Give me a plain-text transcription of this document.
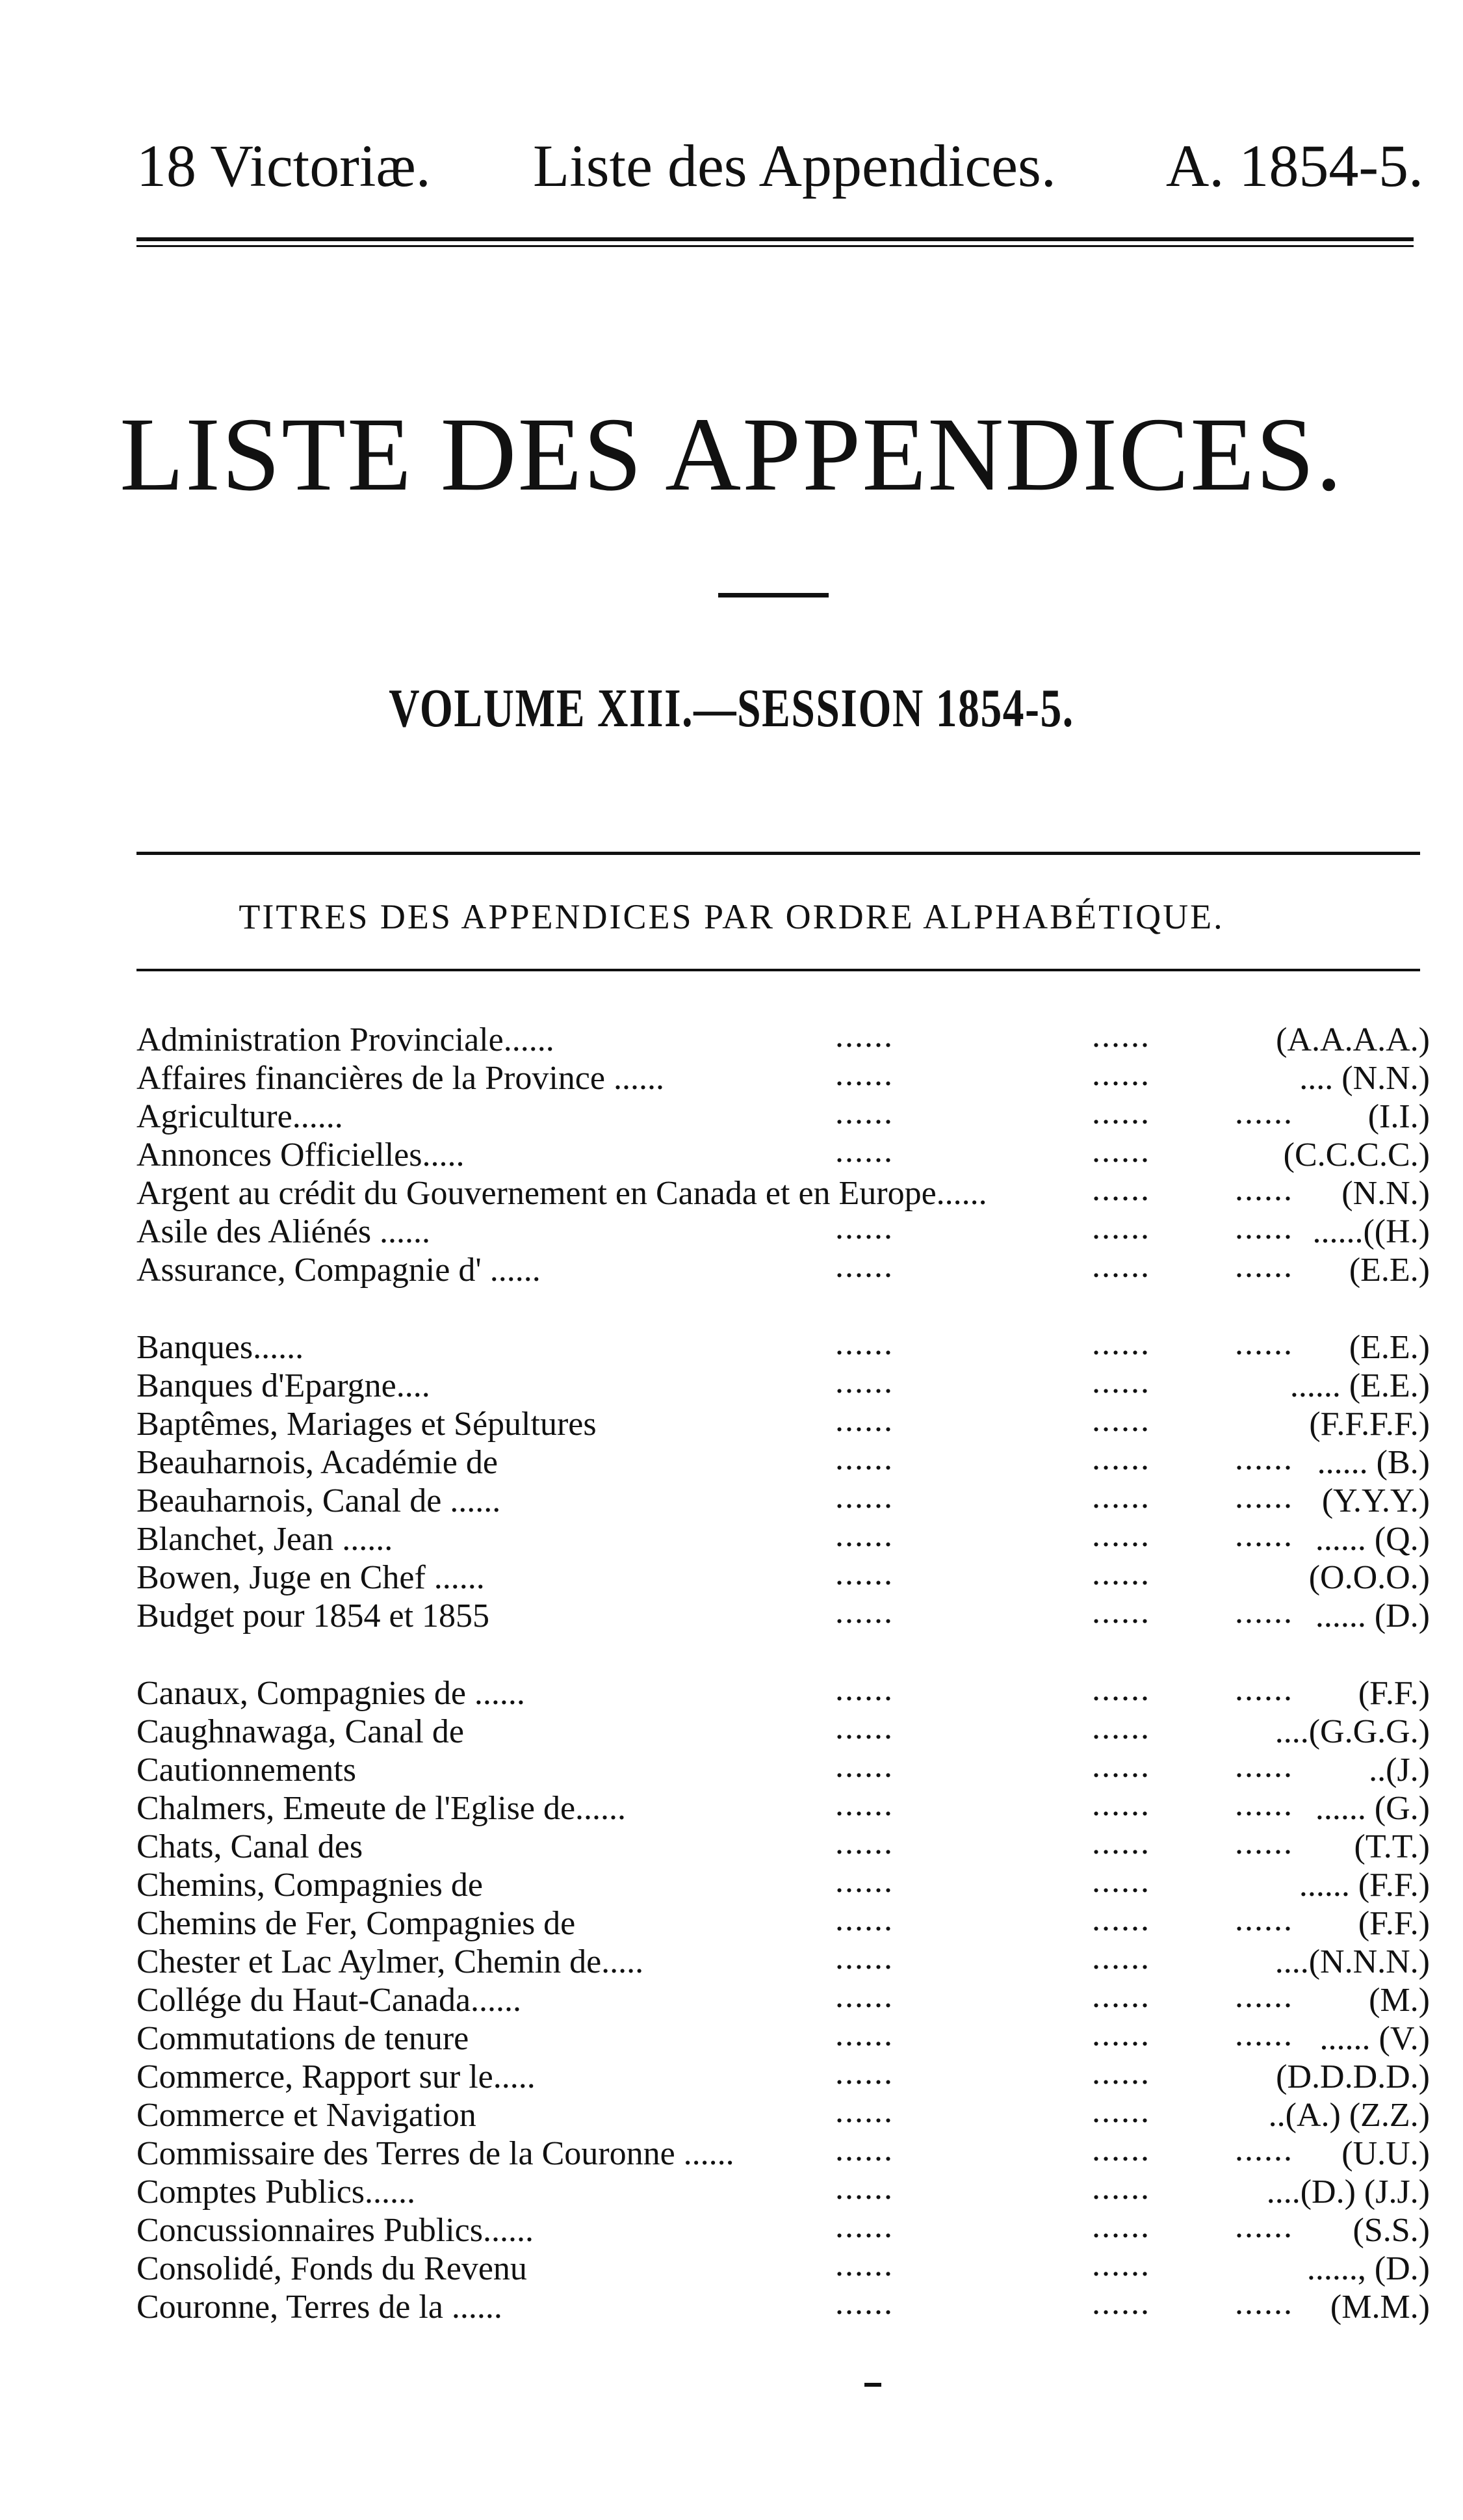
18 Victoriæ. Liste des Appendices. A. 1854-5.
LISTE DES APPENDICES.
VOLUME XIII.—SESSION 1854-5.
TITRES DES APPENDICES PAR ORDRE ALPHABÉTIQUE.
Administration Provinciale......	......	......	(A.A.A.A.)
Affaires financières de la Province ......	......	......	.... (N.N.)
Agriculture......	......	......	...... (I.I.)
Annonces Officielles.....	......	......	(C.C.C.C.)
Argent au crédit du Gouvernement en Canada et en Europe......	......	...... (N.N.)
Asile des Aliénés ......	......	......	...... ......((H.)
Assurance, Compagnie d' ......	......	......	...... (E.E.)
Banques......	......	......	...... (E.E.)
Banques d'Epargne....	......	......	...... (E.E.)
Baptêmes, Mariages et Sépultures	......	......	(F.F.F.F.)
Beauharnois, Académie de	......	......	...... ...... (B.)
Beauharnois, Canal de ......	......	......	...... (Y.Y.Y.)
Blanchet, Jean ......	......	......	...... ...... (Q.)
Bowen, Juge en Chef ......	......	......	(O.O.O.)
Budget pour 1854 et 1855	......	......	...... ...... (D.)
Canaux, Compagnies de ......	......	......	...... (F.F.)
Caughnawaga, Canal de	......	......	....(G.G.G.)
Cautionnements	......	......	...... ..(J.)
Chalmers, Emeute de l'Eglise de......	......	......	...... ...... (G.)
Chats, Canal des	......	......	...... (T.T.)
Chemins, Compagnies de	......	......	...... (F.F.)
Chemins de Fer, Compagnies de	......	......	...... (F.F.)
Chester et Lac Aylmer, Chemin de.....	......	......	....(N.N.N.)
Collége du Haut-Canada......	......	......	...... (M.)
Commutations de tenure	......	......	...... ...... (V.)
Commerce, Rapport sur le.....	......	......	(D.D.D.D.)
Commerce et Navigation	......	......	..(A.) (Z.Z.)
Commissaire des Terres de la Couronne ......	......	......	...... (U.U.)
Comptes Publics......	......	......	....(D.) (J.J.)
Concussionnaires Publics......	......	......	...... (S.S.)
Consolidé, Fonds du Revenu	......	......	......, (D.)
Couronne, Terres de la ......	......	......	...... (M.M.)
